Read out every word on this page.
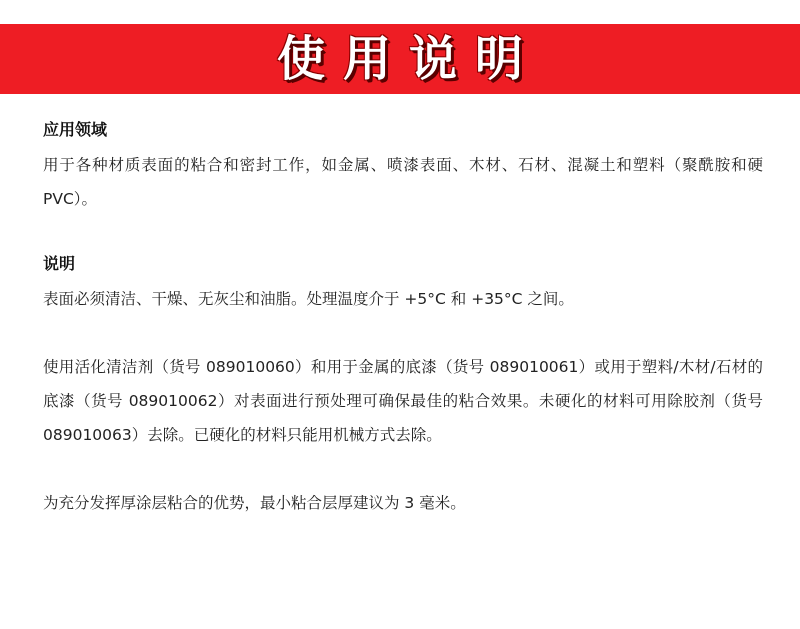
使用说明
应用领域

用于各种材质表面的粘合和密封工作，如金属、喷漆表面、木材、石材、混凝土和塑料（聚酰胺和硬 PVC）。

说明

表面必须清洁、干燥、无灰尘和油脂。处理温度介于 +5°C 和 +35°C 之间。

使用活化清洁剂（货号 089010060）和用于金属的底漆（货号 089010061）或用于塑料/木材/石材的底漆（货号 089010062）对表面进行预处理可确保最佳的粘合效果。未硬化的材料可用除胶剂（货号 089010063）去除。已硬化的材料只能用机械方式去除。

为充分发挥厚涂层粘合的优势，最小粘合层厚建议为 3 毫米。
